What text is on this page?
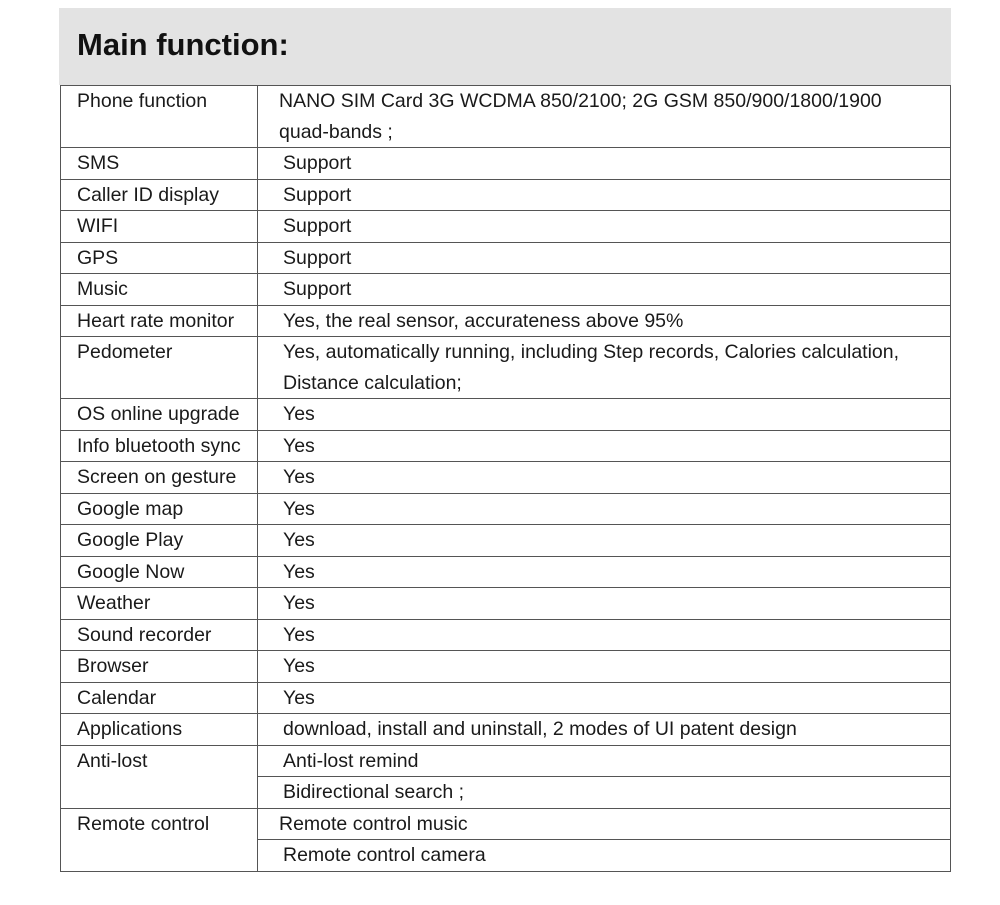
Main function:
Phone function	NANO SIM Card 3G WCDMA 850/2100; 2G GSM 850/900/1800/1900 quad-bands ;
SMS	Support
Caller ID display	Support
WIFI	Support
GPS	Support
Music	Support
Heart rate monitor	Yes, the real sensor, accurateness above 95%
Pedometer	Yes, automatically running, including Step records, Calories calculation, Distance calculation;
OS online upgrade	Yes
Info bluetooth sync	Yes
Screen on gesture	Yes
Google map	Yes
Google Play	Yes
Google Now	Yes
Weather	Yes
Sound recorder	Yes
Browser	Yes
Calendar	Yes
Applications	download, install and uninstall, 2 modes of UI patent design
Anti-lost	Anti-lost remind
	Bidirectional search ;
Remote control	Remote control music
	Remote control camera
